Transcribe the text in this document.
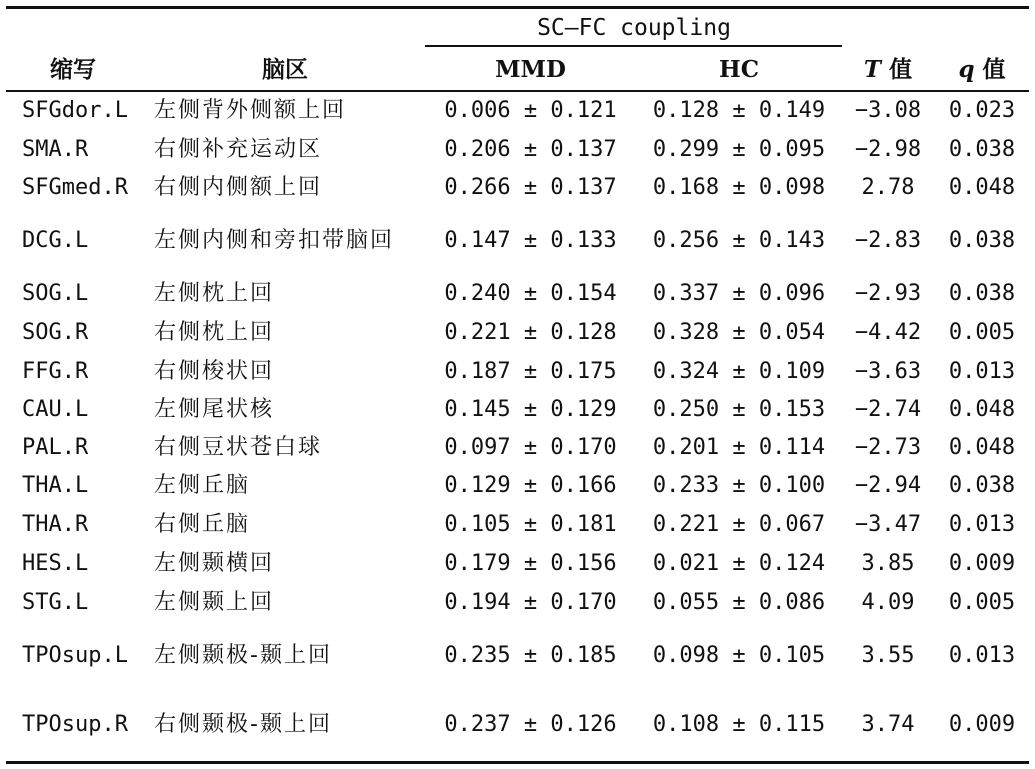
SC–FC coupling
缩写	脑区	MMD	HC	T 值	q 值
SFGdor.L 左侧背外侧额上回	0.006 ± 0.121	0.128 ± 0.149	−3.08	0.023
SMA.R	右侧补充运动区	0.206 ± 0.137	0.299 ± 0.095	−2.98	0.038
SFGmed.R 右侧内侧额上回	0.266 ± 0.137	0.168 ± 0.098	2.78	0.048
DCG.L	左侧内侧和旁扣带脑回	0.147 ± 0.133	0.256 ± 0.143	−2.83	0.038
SOG.L	左侧枕上回	0.240 ± 0.154	0.337 ± 0.096	−2.93	0.038
SOG.R	右侧枕上回	0.221 ± 0.128	0.328 ± 0.054	−4.42	0.005
FFG.R	右侧梭状回	0.187 ± 0.175	0.324 ± 0.109	−3.63	0.013
CAU.L	左侧尾状核	0.145 ± 0.129	0.250 ± 0.153	−2.74	0.048
PAL.R	右侧豆状苍白球	0.097 ± 0.170	0.201 ± 0.114	−2.73	0.048
THA.L	左侧丘脑	0.129 ± 0.166	0.233 ± 0.100	−2.94	0.038
THA.R	右侧丘脑	0.105 ± 0.181	0.221 ± 0.067	−3.47	0.013
HES.L	左侧颞横回	0.179 ± 0.156	0.021 ± 0.124	3.85	0.009
STG.L	左侧颞上回	0.194 ± 0.170	0.055 ± 0.086	4.09	0.005
TPOsup.L 左侧颞极-颞上回	0.235 ± 0.185	0.098 ± 0.105	3.55	0.013
TPOsup.R 右侧颞极-颞上回	0.237 ± 0.126	0.108 ± 0.115	3.74	0.009
